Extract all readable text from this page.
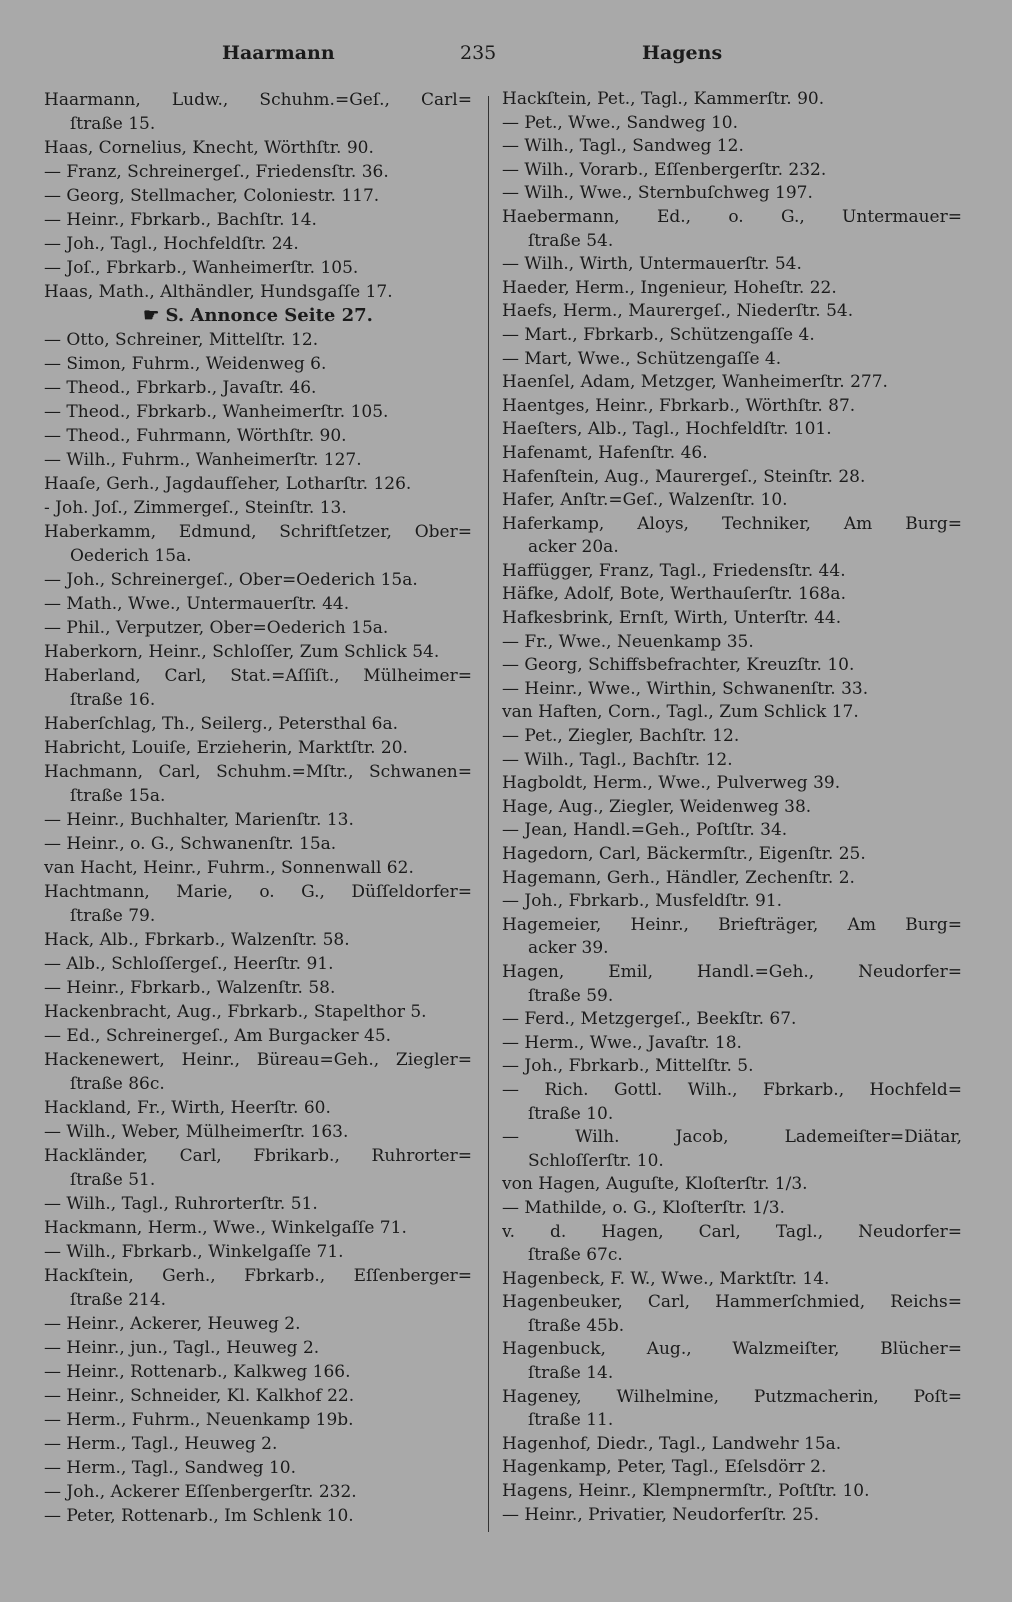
Haarmann	235	Hagens
Haarmann, Ludw., Schuhm.=Geſ., Carl=
ſtraße 15.
Haas, Cornelius, Knecht, Wörthſtr. 90.
— Franz, Schreinergeſ., Friedensſtr. 36.
— Georg, Stellmacher, Coloniestr. 117.
— Heinr., Fbrkarb., Bachſtr. 14.
— Joh., Tagl., Hochfeldſtr. 24.
— Joſ., Fbrkarb., Wanheimerſtr. 105.
Haas, Math., Althändler, Hundsgaſſe 17.
☛ S. Annonce Seite 27.
— Otto, Schreiner, Mittelſtr. 12.
— Simon, Fuhrm., Weidenweg 6.
— Theod., Fbrkarb., Javaſtr. 46.
— Theod., Fbrkarb., Wanheimerſtr. 105.
— Theod., Fuhrmann, Wörthſtr. 90.
— Wilh., Fuhrm., Wanheimerſtr. 127.
Haaſe, Gerh., Jagdaufſeher, Lotharſtr. 126.
- Joh. Joſ., Zimmergeſ., Steinſtr. 13.
Haberkamm, Edmund, Schriftſetzer, Ober=
Oederich 15a.
— Joh., Schreinergeſ., Ober=Oederich 15a.
— Math., Wwe., Untermauerſtr. 44.
— Phil., Verputzer, Ober=Oederich 15a.
Haberkorn, Heinr., Schloſſer, Zum Schlick 54.
Haberland, Carl, Stat.=Aſſiſt., Mülheimer=
ſtraße 16.
Haberſchlag, Th., Seilerg., Petersthal 6a.
Habricht, Louiſe, Erzieherin, Marktſtr. 20.
Hachmann, Carl, Schuhm.=Mſtr., Schwanen=
ſtraße 15a.
— Heinr., Buchhalter, Marienſtr. 13.
— Heinr., o. G., Schwanenſtr. 15a.
van Hacht, Heinr., Fuhrm., Sonnenwall 62.
Hachtmann, Marie, o. G., Düſſeldorfer=
ſtraße 79.
Hack, Alb., Fbrkarb., Walzenſtr. 58.
— Alb., Schloſſergeſ., Heerſtr. 91.
— Heinr., Fbrkarb., Walzenſtr. 58.
Hackenbracht, Aug., Fbrkarb., Stapelthor 5.
— Ed., Schreinergeſ., Am Burgacker 45.
Hackenewert, Heinr., Büreau=Geh., Ziegler=
ſtraße 86c.
Hackland, Fr., Wirth, Heerſtr. 60.
— Wilh., Weber, Mülheimerſtr. 163.
Hackländer, Carl, Fbrikarb., Ruhrorter=
ſtraße 51.
— Wilh., Tagl., Ruhrorterſtr. 51.
Hackmann, Herm., Wwe., Winkelgaſſe 71.
— Wilh., Fbrkarb., Winkelgaſſe 71.
Hackſtein, Gerh., Fbrkarb., Eſſenberger=
ſtraße 214.
— Heinr., Ackerer, Heuweg 2.
— Heinr., jun., Tagl., Heuweg 2.
— Heinr., Rottenarb., Kalkweg 166.
— Heinr., Schneider, Kl. Kalkhof 22.
— Herm., Fuhrm., Neuenkamp 19b.
— Herm., Tagl., Heuweg 2.
— Herm., Tagl., Sandweg 10.
— Joh., Ackerer Eſſenbergerſtr. 232.
— Peter, Rottenarb., Im Schlenk 10.
Hackſtein, Pet., Tagl., Kammerſtr. 90.
— Pet., Wwe., Sandweg 10.
— Wilh., Tagl., Sandweg 12.
— Wilh., Vorarb., Eſſenbergerſtr. 232.
— Wilh., Wwe., Sternbuſchweg 197.
Haebermann, Ed., o. G., Untermauer=
ſtraße 54.
— Wilh., Wirth, Untermauerſtr. 54.
Haeder, Herm., Ingenieur, Hoheſtr. 22.
Haefs, Herm., Maurergeſ., Niederſtr. 54.
— Mart., Fbrkarb., Schützengaſſe 4.
— Mart, Wwe., Schützengaſſe 4.
Haenſel, Adam, Metzger, Wanheimerſtr. 277.
Haentges, Heinr., Fbrkarb., Wörthſtr. 87.
Haeſters, Alb., Tagl., Hochfeldſtr. 101.
Hafenamt, Hafenſtr. 46.
Hafenſtein, Aug., Maurergeſ., Steinſtr. 28.
Hafer, Anſtr.=Geſ., Walzenſtr. 10.
Haferkamp, Aloys, Techniker, Am Burg=
acker 20a.
Haffügger, Franz, Tagl., Friedensſtr. 44.
Häfke, Adolf, Bote, Werthauſerſtr. 168a.
Hafkesbrink, Ernſt, Wirth, Unterſtr. 44.
— Fr., Wwe., Neuenkamp 35.
— Georg, Schiffsbefrachter, Kreuzſtr. 10.
— Heinr., Wwe., Wirthin, Schwanenſtr. 33.
van Haften, Corn., Tagl., Zum Schlick 17.
— Pet., Ziegler, Bachſtr. 12.
— Wilh., Tagl., Bachſtr. 12.
Hagboldt, Herm., Wwe., Pulverweg 39.
Hage, Aug., Ziegler, Weidenweg 38.
— Jean, Handl.=Geh., Poſtſtr. 34.
Hagedorn, Carl, Bäckermſtr., Eigenſtr. 25.
Hagemann, Gerh., Händler, Zechenſtr. 2.
— Joh., Fbrkarb., Musfeldſtr. 91.
Hagemeier, Heinr., Briefträger, Am Burg=
acker 39.
Hagen, Emil, Handl.=Geh., Neudorfer=
ſtraße 59.
— Ferd., Metzgergeſ., Beekſtr. 67.
— Herm., Wwe., Javaſtr. 18.
— Joh., Fbrkarb., Mittelſtr. 5.
— Rich. Gottl. Wilh., Fbrkarb., Hochfeld=
ſtraße 10.
— Wilh. Jacob, Lademeiſter=Diätar,
Schloſſerſtr. 10.
von Hagen, Auguſte, Kloſterſtr. 1/3.
— Mathilde, o. G., Kloſterſtr. 1/3.
v. d. Hagen, Carl, Tagl., Neudorfer=
ſtraße 67c.
Hagenbeck, F. W., Wwe., Marktſtr. 14.
Hagenbeuker, Carl, Hammerſchmied, Reichs=
ſtraße 45b.
Hagenbuck, Aug., Walzmeiſter, Blücher=
ſtraße 14.
Hageney, Wilhelmine, Putzmacherin, Poſt=
ſtraße 11.
Hagenhof, Diedr., Tagl., Landwehr 15a.
Hagenkamp, Peter, Tagl., Eſelsdörr 2.
Hagens, Heinr., Klempnermſtr., Poſtſtr. 10.
— Heinr., Privatier, Neudorferſtr. 25.
